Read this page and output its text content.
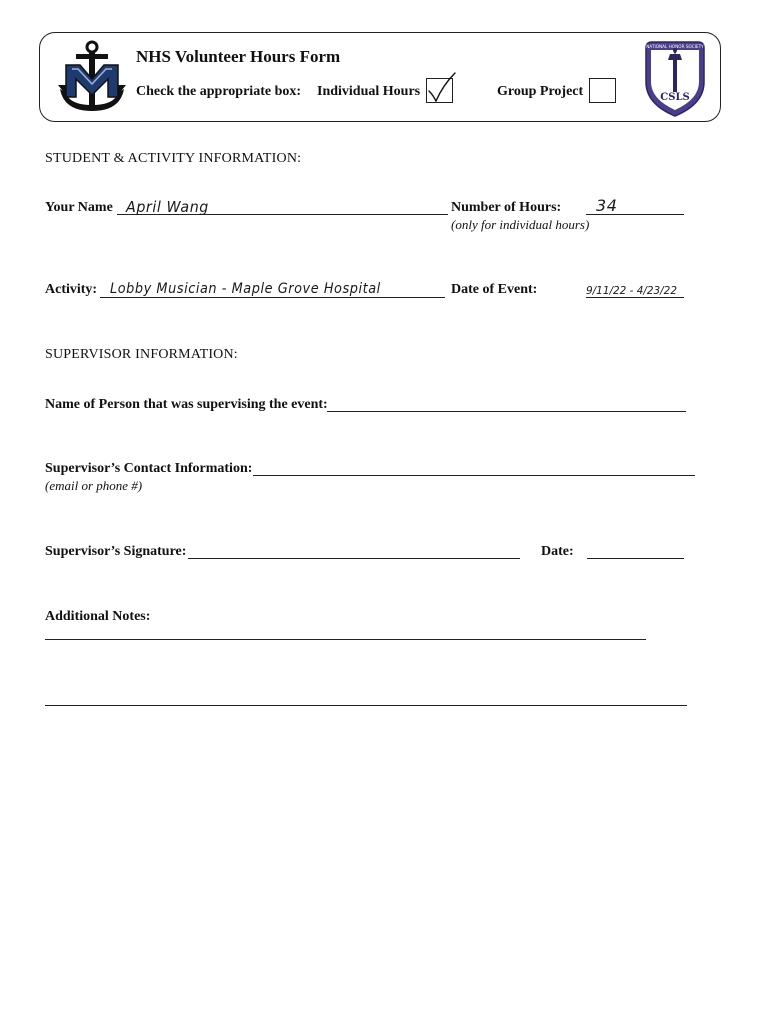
NHS Volunteer Hours Form
Check the appropriate box: Individual Hours	Group Project
NATIONAL HONOR SOCIETY
CSLS
STUDENT & ACTIVITY INFORMATION:
Your Name April Wang	Number of Hours: 34
(only for individual hours)
Activity: Lobby Musician - Maple Grove Hospital	Date of Event:	9/11/22 - 4/23/22
SUPERVISOR INFORMATION:
Name of Person that was supervising the event:
Supervisor’s Contact Information:
(email or phone #)
Supervisor’s Signature:	Date:
Additional Notes:
